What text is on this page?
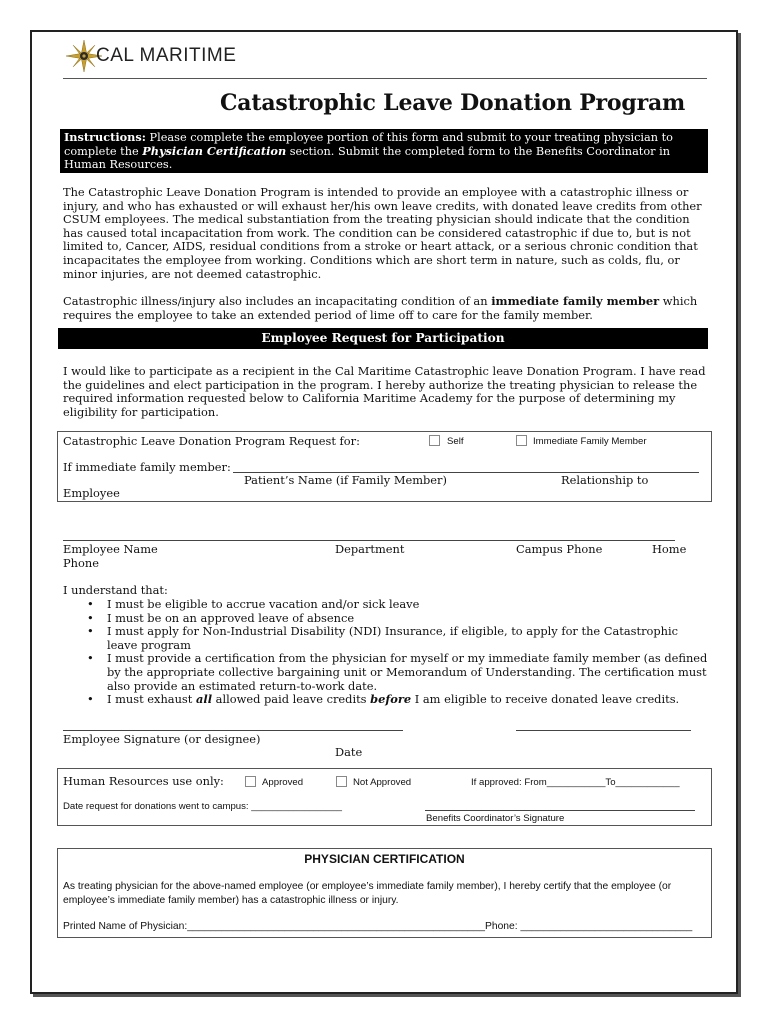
CAL MARITIME
Catastrophic Leave Donation Program
Instructions: Please complete the employee portion of this form and submit to your treating physician to complete the Physician Certification section. Submit the completed form to the Benefits Coordinator in Human Resources.
The Catastrophic Leave Donation Program is intended to provide an employee with a catastrophic illness or injury, and who has exhausted or will exhaust her/his own leave credits, with donated leave credits from other CSUM employees. The medical substantiation from the treating physician should indicate that the condition has caused total incapacitation from work. The condition can be considered catastrophic if due to, but is not limited to, Cancer, AIDS, residual conditions from a stroke or heart attack, or a serious chronic condition that incapacitates the employee from working. Conditions which are short term in nature, such as colds, flu, or minor injuries, are not deemed catastrophic.
Catastrophic illness/injury also includes an incapacitating condition of an immediate family member which requires the employee to take an extended period of lime off to care for the family member.
Employee Request for Participation
I would like to participate as a recipient in the Cal Maritime Catastrophic leave Donation Program. I have read the guidelines and elect participation in the program. I hereby authorize the treating physician to release the required information requested below to California Maritime Academy for the purpose of determining my eligibility for participation.
Catastrophic Leave Donation Program Request for:	Self	Immediate Family Member
If immediate family member:
Patient’s Name (if Family Member)	Relationship to
Employee
Employee Name	Department	Campus Phone	Home
Phone
I understand that:
• I must be eligible to accrue vacation and/or sick leave
• I must be on an approved leave of absence
• I must apply for Non-Industrial Disability (NDI) Insurance, if eligible, to apply for the Catastrophic leave program
• I must provide a certification from the physician for myself or my immediate family member (as defined by the appropriate collective bargaining unit or Memorandum of Understanding. The certification must also provide an estimated return-to-work date.
• I must exhaust all allowed paid leave credits before I am eligible to receive donated leave credits.
Employee Signature (or designee)
Date
Human Resources use only:	Approved	Not Approved	If approved: From___________To____________
Date request for donations went to campus: _________________
Benefits Coordinator’s Signature
PHYSICIAN CERTIFICATION
As treating physician for the above-named employee (or employee’s immediate family member), I hereby certify that the employee (or employee’s immediate family member) has a catastrophic illness or injury.
Printed Name of Physician:____________________________________________________Phone: ______________________________
